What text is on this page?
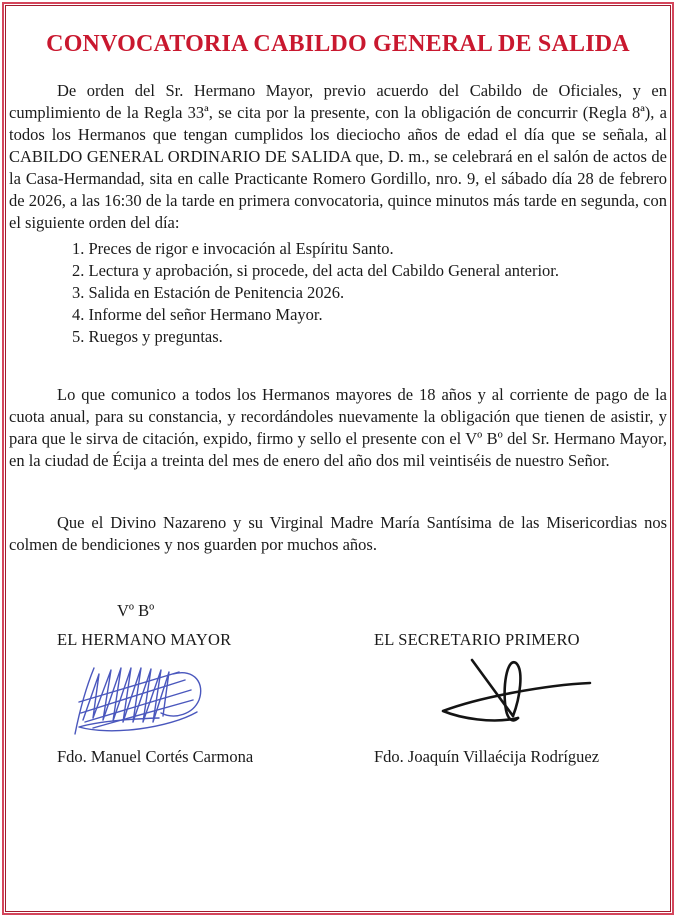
CONVOCATORIA CABILDO GENERAL DE SALIDA

De orden del Sr. Hermano Mayor, previo acuerdo del Cabildo de Oficiales, y en cumplimiento de la Regla 33ª, se cita por la presente, con la obligación de concurrir (Regla 8ª), a todos los Hermanos que tengan cumplidos los dieciocho años de edad el día que se señala, al CABILDO GENERAL ORDINARIO DE SALIDA que, D. m., se celebrará en el salón de actos de la Casa-Hermandad, sita en calle Practicante Romero Gordillo, nro. 9, el sábado día 28 de febrero de 2026, a las 16:30 de la tarde en primera convocatoria, quince minutos más tarde en segunda, con el siguiente orden del día:

1. Preces de rigor e invocación al Espíritu Santo.
2. Lectura y aprobación, si procede, del acta del Cabildo General anterior.
3. Salida en Estación de Penitencia 2026.
4. Informe del señor Hermano Mayor.
5. Ruegos y preguntas.

Lo que comunico a todos los Hermanos mayores de 18 años y al corriente de pago de la cuota anual, para su constancia, y recordándoles nuevamente la obligación que tienen de asistir, y para que le sirva de citación, expido, firmo y sello el presente con el Vº Bº del Sr. Hermano Mayor, en la ciudad de Écija a treinta del mes de enero del año dos mil veintiséis de nuestro Señor.

Que el Divino Nazareno y su Virginal Madre María Santísima de las Misericordias nos colmen de bendiciones y nos guarden por muchos años.

Vº Bº
EL HERMANO MAYOR	EL SECRETARIO PRIMERO
Fdo. Manuel Cortés Carmona	Fdo. Joaquín Villaécija Rodríguez
